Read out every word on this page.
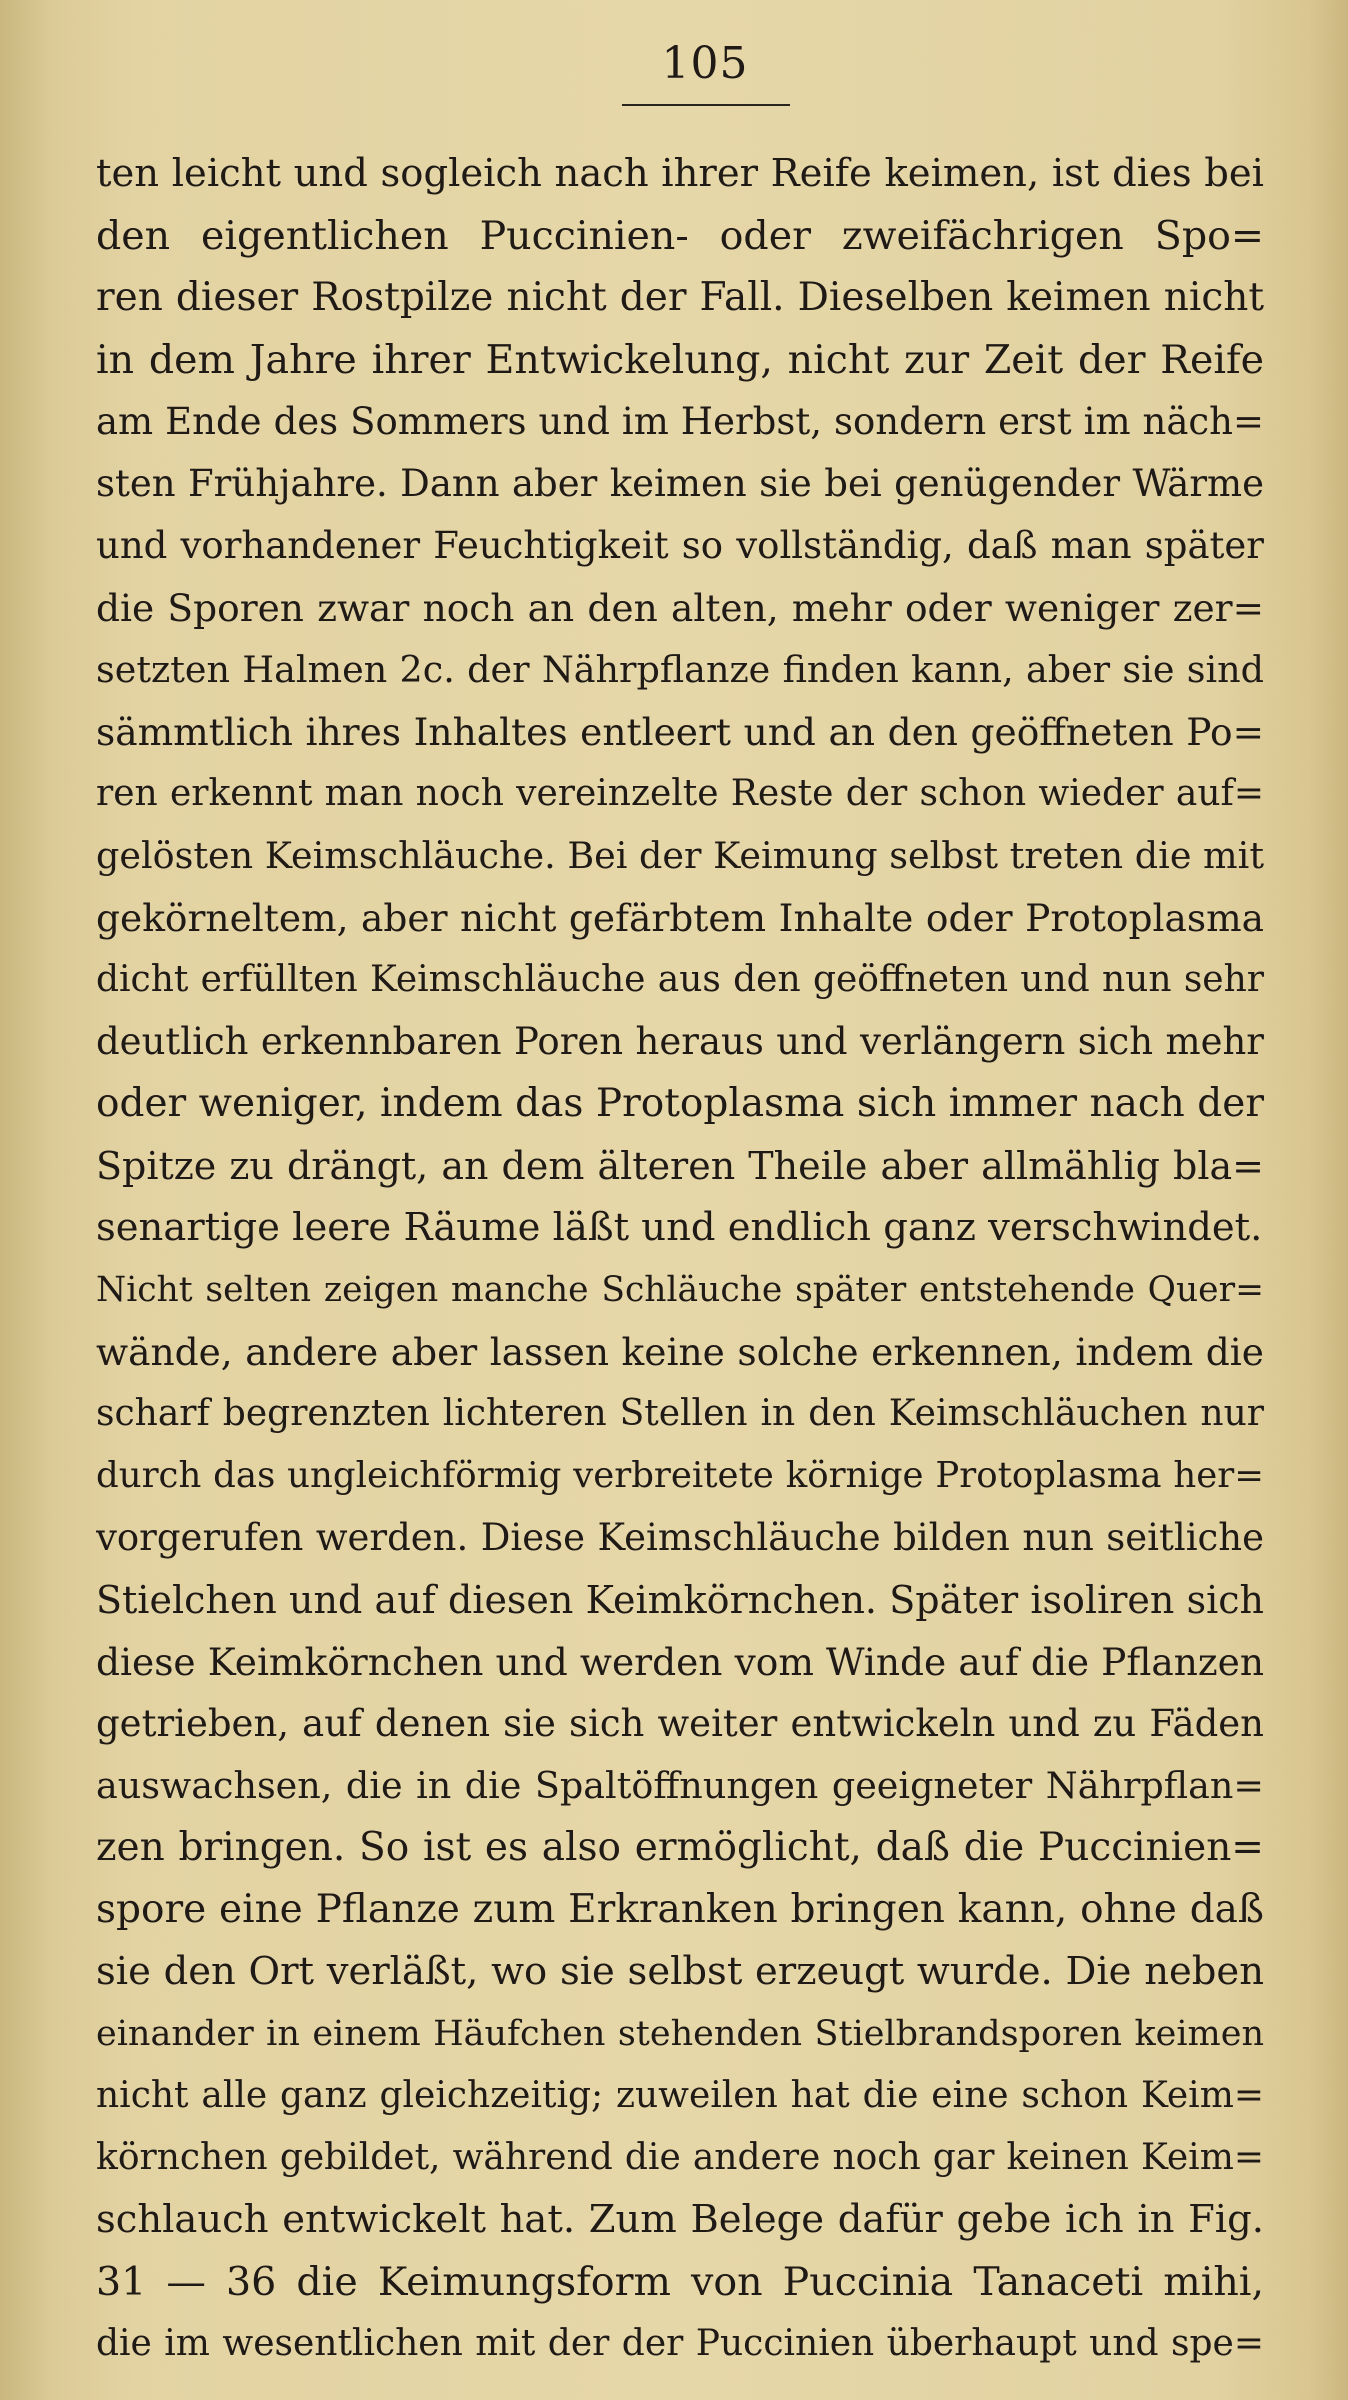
105
ten leicht und sogleich nach ihrer Reife keimen, ist dies bei
den eigentlichen Puccinien- oder zweifächrigen Spo=
ren dieser Rostpilze nicht der Fall. Dieselben keimen nicht
in dem Jahre ihrer Entwickelung, nicht zur Zeit der Reife
am Ende des Sommers und im Herbst, sondern erst im näch=
sten Frühjahre. Dann aber keimen sie bei genügender Wärme
und vorhandener Feuchtigkeit so vollständig, daß man später
die Sporen zwar noch an den alten, mehr oder weniger zer=
setzten Halmen 2c. der Nährpflanze finden kann, aber sie sind
sämmtlich ihres Inhaltes entleert und an den geöffneten Po=
ren erkennt man noch vereinzelte Reste der schon wieder auf=
gelösten Keimschläuche. Bei der Keimung selbst treten die mit
gekörneltem, aber nicht gefärbtem Inhalte oder Protoplasma
dicht erfüllten Keimschläuche aus den geöffneten und nun sehr
deutlich erkennbaren Poren heraus und verlängern sich mehr
oder weniger, indem das Protoplasma sich immer nach der
Spitze zu drängt, an dem älteren Theile aber allmählig bla=
senartige leere Räume läßt und endlich ganz verschwindet.
Nicht selten zeigen manche Schläuche später entstehende Quer=
wände, andere aber lassen keine solche erkennen, indem die
scharf begrenzten lichteren Stellen in den Keimschläuchen nur
durch das ungleichförmig verbreitete körnige Protoplasma her=
vorgerufen werden. Diese Keimschläuche bilden nun seitliche
Stielchen und auf diesen Keimkörnchen. Später isoliren sich
diese Keimkörnchen und werden vom Winde auf die Pflanzen
getrieben, auf denen sie sich weiter entwickeln und zu Fäden
auswachsen, die in die Spaltöffnungen geeigneter Nährpflan=
zen bringen. So ist es also ermöglicht, daß die Puccinien=
spore eine Pflanze zum Erkranken bringen kann, ohne daß
sie den Ort verläßt, wo sie selbst erzeugt wurde. Die neben
einander in einem Häufchen stehenden Stielbrandsporen keimen
nicht alle ganz gleichzeitig; zuweilen hat die eine schon Keim=
körnchen gebildet, während die andere noch gar keinen Keim=
schlauch entwickelt hat. Zum Belege dafür gebe ich in Fig.
31 — 36 die Keimungsform von Puccinia Tanaceti mihi,
die im wesentlichen mit der der Puccinien überhaupt und spe=
